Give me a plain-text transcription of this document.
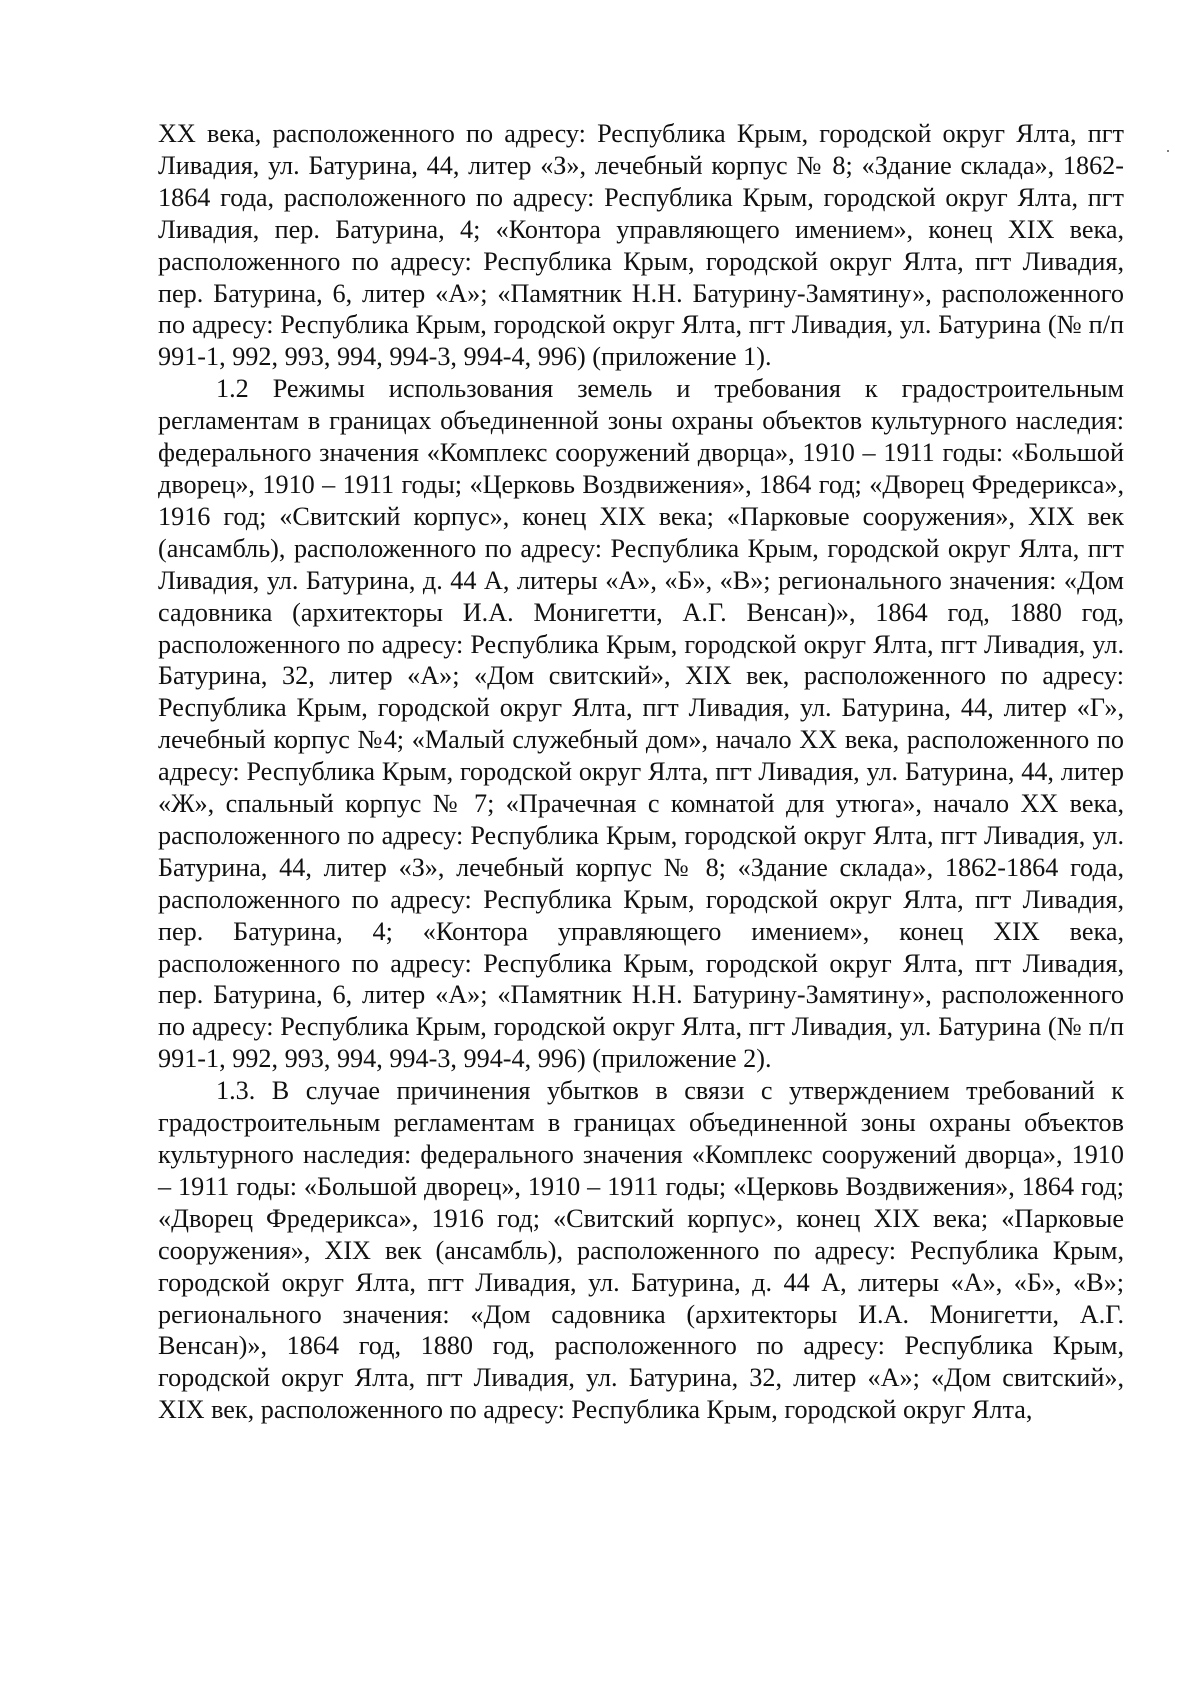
XX века, расположенного по адресу: Республика Крым, городской округ Ялта, пгт Ливадия, ул. Батурина, 44, литер «З», лечебный корпус № 8; «Здание склада», 1862-1864 года, расположенного по адресу: Республика Крым, городской округ Ялта, пгт Ливадия, пер. Батурина, 4; «Контора управляющего имением», конец XIX века, расположенного по адресу: Республика Крым, городской округ Ялта, пгт Ливадия, пер. Батурина, 6, литер «А»; «Памятник Н.Н. Батурину-Замятину», расположенного по адресу: Республика Крым, городской округ Ялта, пгт Ливадия, ул. Батурина (№ п/п 991-1, 992, 993, 994, 994-3, 994-4, 996) (приложение 1).

1.2 Режимы использования земель и требования к градостроительным регламентам в границах объединенной зоны охраны объектов культурного наследия: федерального значения «Комплекс сооружений дворца», 1910 – 1911 годы: «Большой дворец», 1910 – 1911 годы; «Церковь Воздвижения», 1864 год; «Дворец Фредерикса», 1916 год; «Свитский корпус», конец XIX века; «Парковые сооружения», XIX век (ансамбль), расположенного по адресу: Республика Крым, городской округ Ялта, пгт Ливадия, ул. Батурина, д. 44 А, литеры «А», «Б», «В»; регионального значения: «Дом садовника (архитекторы И.А. Монигетти, А.Г. Венсан)», 1864 год, 1880 год, расположенного по адресу: Республика Крым, городской округ Ялта, пгт Ливадия, ул. Батурина, 32, литер «А»; «Дом свитский», XIX век, расположенного по адресу: Республика Крым, городской округ Ялта, пгт Ливадия, ул. Батурина, 44, литер «Г», лечебный корпус №4; «Малый служебный дом», начало XX века, расположенного по адресу: Республика Крым, городской округ Ялта, пгт Ливадия, ул. Батурина, 44, литер «Ж», спальный корпус № 7; «Прачечная с комнатой для утюга», начало XX века, расположенного по адресу: Республика Крым, городской округ Ялта, пгт Ливадия, ул. Батурина, 44, литер «З», лечебный корпус № 8; «Здание склада», 1862-1864 года, расположенного по адресу: Республика Крым, городской округ Ялта, пгт Ливадия, пер. Батурина, 4; «Контора управляющего имением», конец XIX века, расположенного по адресу: Республика Крым, городской округ Ялта, пгт Ливадия, пер. Батурина, 6, литер «А»; «Памятник Н.Н. Батурину-Замятину», расположенного по адресу: Республика Крым, городской округ Ялта, пгт Ливадия, ул. Батурина (№ п/п 991-1, 992, 993, 994, 994-3, 994-4, 996) (приложение 2).

1.3. В случае причинения убытков в связи с утверждением требований к градостроительным регламентам в границах объединенной зоны охраны объектов культурного наследия: федерального значения «Комплекс сооружений дворца», 1910 – 1911 годы: «Большой дворец», 1910 – 1911 годы; «Церковь Воздвижения», 1864 год; «Дворец Фредерикса», 1916 год; «Свитский корпус», конец XIX века; «Парковые сооружения», XIX век (ансамбль), расположенного по адресу: Республика Крым, городской округ Ялта, пгт Ливадия, ул. Батурина, д. 44 А, литеры «А», «Б», «В»; регионального значения: «Дом садовника (архитекторы И.А. Монигетти, А.Г. Венсан)», 1864 год, 1880 год, расположенного по адресу: Республика Крым, городской округ Ялта, пгт Ливадия, ул. Батурина, 32, литер «А»; «Дом свитский», XIX век, расположенного по адресу: Республика Крым, городской округ Ялта,
